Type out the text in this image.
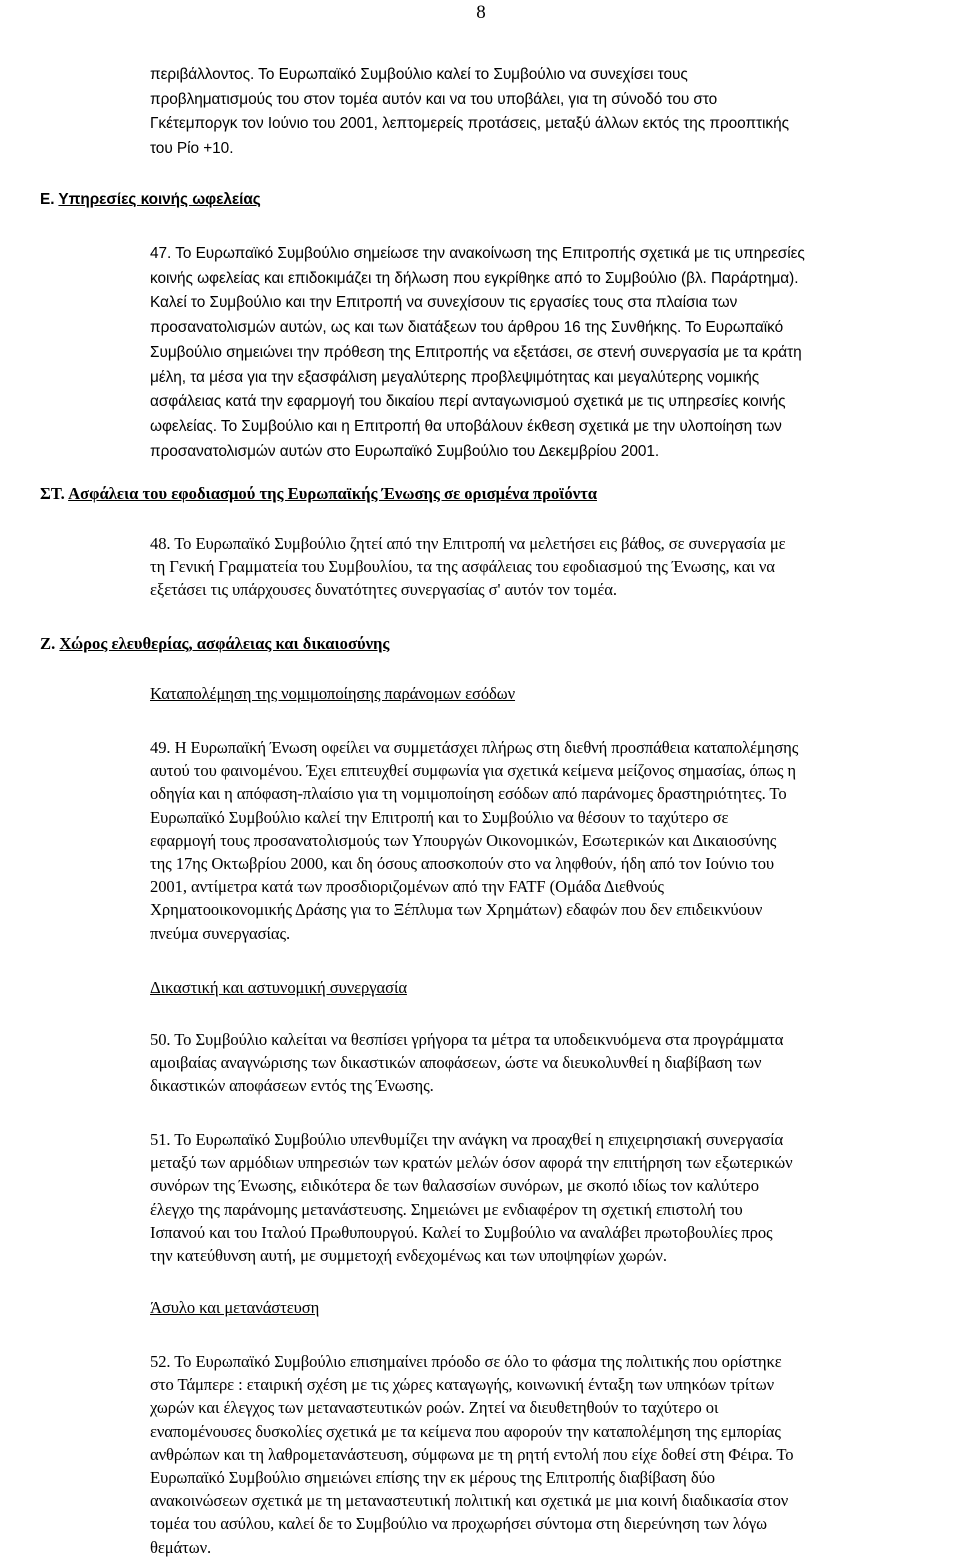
8
περιβάλλοντος. Το Ευρωπαϊκό Συμβούλιο καλεί το Συμβούλιο να συνεχίσει τους
προβληματισμούς του στον τομέα αυτόν και να του υποβάλει, για τη σύνοδό του στο
Γκέτεμποργκ τον Ιούνιο του 2001, λεπτομερείς προτάσεις, μεταξύ άλλων εκτός της προοπτικής
του Ρίο +10.
Ε. Υπηρεσίες κοινής ωφελείας
47. Το Ευρωπαϊκό Συμβούλιο σημείωσε την ανακοίνωση της Επιτροπής σχετικά με τις υπηρεσίες
κοινής ωφελείας και επιδοκιμάζει τη δήλωση που εγκρίθηκε από το Συμβούλιο (βλ. Παράρτημα).
Καλεί το Συμβούλιο και την Επιτροπή να συνεχίσουν τις εργασίες τους στα πλαίσια των
προσανατολισμών αυτών, ως και των διατάξεων του άρθρου 16 της Συνθήκης. Το Ευρωπαϊκό
Συμβούλιο σημειώνει την πρόθεση της Επιτροπής να εξετάσει, σε στενή συνεργασία με τα κράτη
μέλη, τα μέσα για την εξασφάλιση μεγαλύτερης προβλεψιμότητας και μεγαλύτερης νομικής
ασφάλειας κατά την εφαρμογή του δικαίου περί ανταγωνισμού σχετικά με τις υπηρεσίες κοινής
ωφελείας. Το Συμβούλιο και η Επιτροπή θα υποβάλουν έκθεση σχετικά με την υλοποίηση των
προσανατολισμών αυτών στο Ευρωπαϊκό Συμβούλιο του Δεκεμβρίου 2001.
ΣΤ. Ασφάλεια του εφοδιασμού της Ευρωπαϊκής Ένωσης σε ορισμένα προϊόντα
48. Το Ευρωπαϊκό Συμβούλιο ζητεί από την Επιτροπή να μελετήσει εις βάθος, σε συνεργασία με
τη Γενική Γραμματεία του Συμβουλίου, τα της ασφάλειας του εφοδιασμού της Ένωσης, και να
εξετάσει τις υπάρχουσες δυνατότητες συνεργασίας σ' αυτόν τον τομέα.
Ζ. Χώρος ελευθερίας, ασφάλειας και δικαιοσύνης
Καταπολέμηση της νομιμοποίησης παράνομων εσόδων
49. Η Ευρωπαϊκή Ένωση οφείλει να συμμετάσχει πλήρως στη διεθνή προσπάθεια καταπολέμησης
αυτού του φαινομένου. Έχει επιτευχθεί συμφωνία για σχετικά κείμενα μείζονος σημασίας, όπως η
οδηγία και η απόφαση-πλαίσιο για τη νομιμοποίηση εσόδων από παράνομες δραστηριότητες. Το
Ευρωπαϊκό Συμβούλιο καλεί την Επιτροπή και το Συμβούλιο να θέσουν το ταχύτερο σε
εφαρμογή τους προσανατολισμούς των Υπουργών Οικονομικών, Εσωτερικών και Δικαιοσύνης
της 17ης Οκτωβρίου 2000, και δη όσους αποσκοπούν στο να ληφθούν, ήδη από τον Ιούνιο του
2001, αντίμετρα κατά των προσδιοριζομένων από την FATF (Ομάδα Διεθνούς
Χρηματοοικονομικής Δράσης για το Ξέπλυμα των Χρημάτων) εδαφών που δεν επιδεικνύουν
πνεύμα συνεργασίας.
Δικαστική και αστυνομική συνεργασία
50. Το Συμβούλιο καλείται να θεσπίσει γρήγορα τα μέτρα τα υποδεικνυόμενα στα προγράμματα
αμοιβαίας αναγνώρισης των δικαστικών αποφάσεων, ώστε να διευκολυνθεί η διαβίβαση των
δικαστικών αποφάσεων εντός της Ένωσης.
51. Το Ευρωπαϊκό Συμβούλιο υπενθυμίζει την ανάγκη να προαχθεί η επιχειρησιακή συνεργασία
μεταξύ των αρμόδιων υπηρεσιών των κρατών μελών όσον αφορά την επιτήρηση των εξωτερικών
συνόρων της Ένωσης, ειδικότερα δε των θαλασσίων συνόρων, με σκοπό ιδίως τον καλύτερο
έλεγχο της παράνομης μετανάστευσης. Σημειώνει με ενδιαφέρον τη σχετική επιστολή του
Ισπανού και του Ιταλού Πρωθυπουργού. Καλεί το Συμβούλιο να αναλάβει πρωτοβουλίες προς
την κατεύθυνση αυτή, με συμμετοχή ενδεχομένως και των υποψηφίων χωρών.
Άσυλο και μετανάστευση
52. Το Ευρωπαϊκό Συμβούλιο επισημαίνει πρόοδο σε όλο το φάσμα της πολιτικής που ορίστηκε
στο Τάμπερε : εταιρική σχέση με τις χώρες καταγωγής, κοινωνική ένταξη των υπηκόων τρίτων
χωρών και έλεγχος των μεταναστευτικών ροών. Ζητεί να διευθετηθούν το ταχύτερο οι
εναπομένουσες δυσκολίες σχετικά με τα κείμενα που αφορούν την καταπολέμηση της εμπορίας
ανθρώπων και τη λαθρομετανάστευση, σύμφωνα με τη ρητή εντολή που είχε δοθεί στη Φέιρα. Το
Ευρωπαϊκό Συμβούλιο σημειώνει επίσης την εκ μέρους της Επιτροπής διαβίβαση δύο
ανακοινώσεων σχετικά με τη μεταναστευτική πολιτική και σχετικά με μια κοινή διαδικασία στον
τομέα του ασύλου, καλεί δε το Συμβούλιο να προχωρήσει σύντομα στη διερεύνηση των λόγω
θεμάτων.
